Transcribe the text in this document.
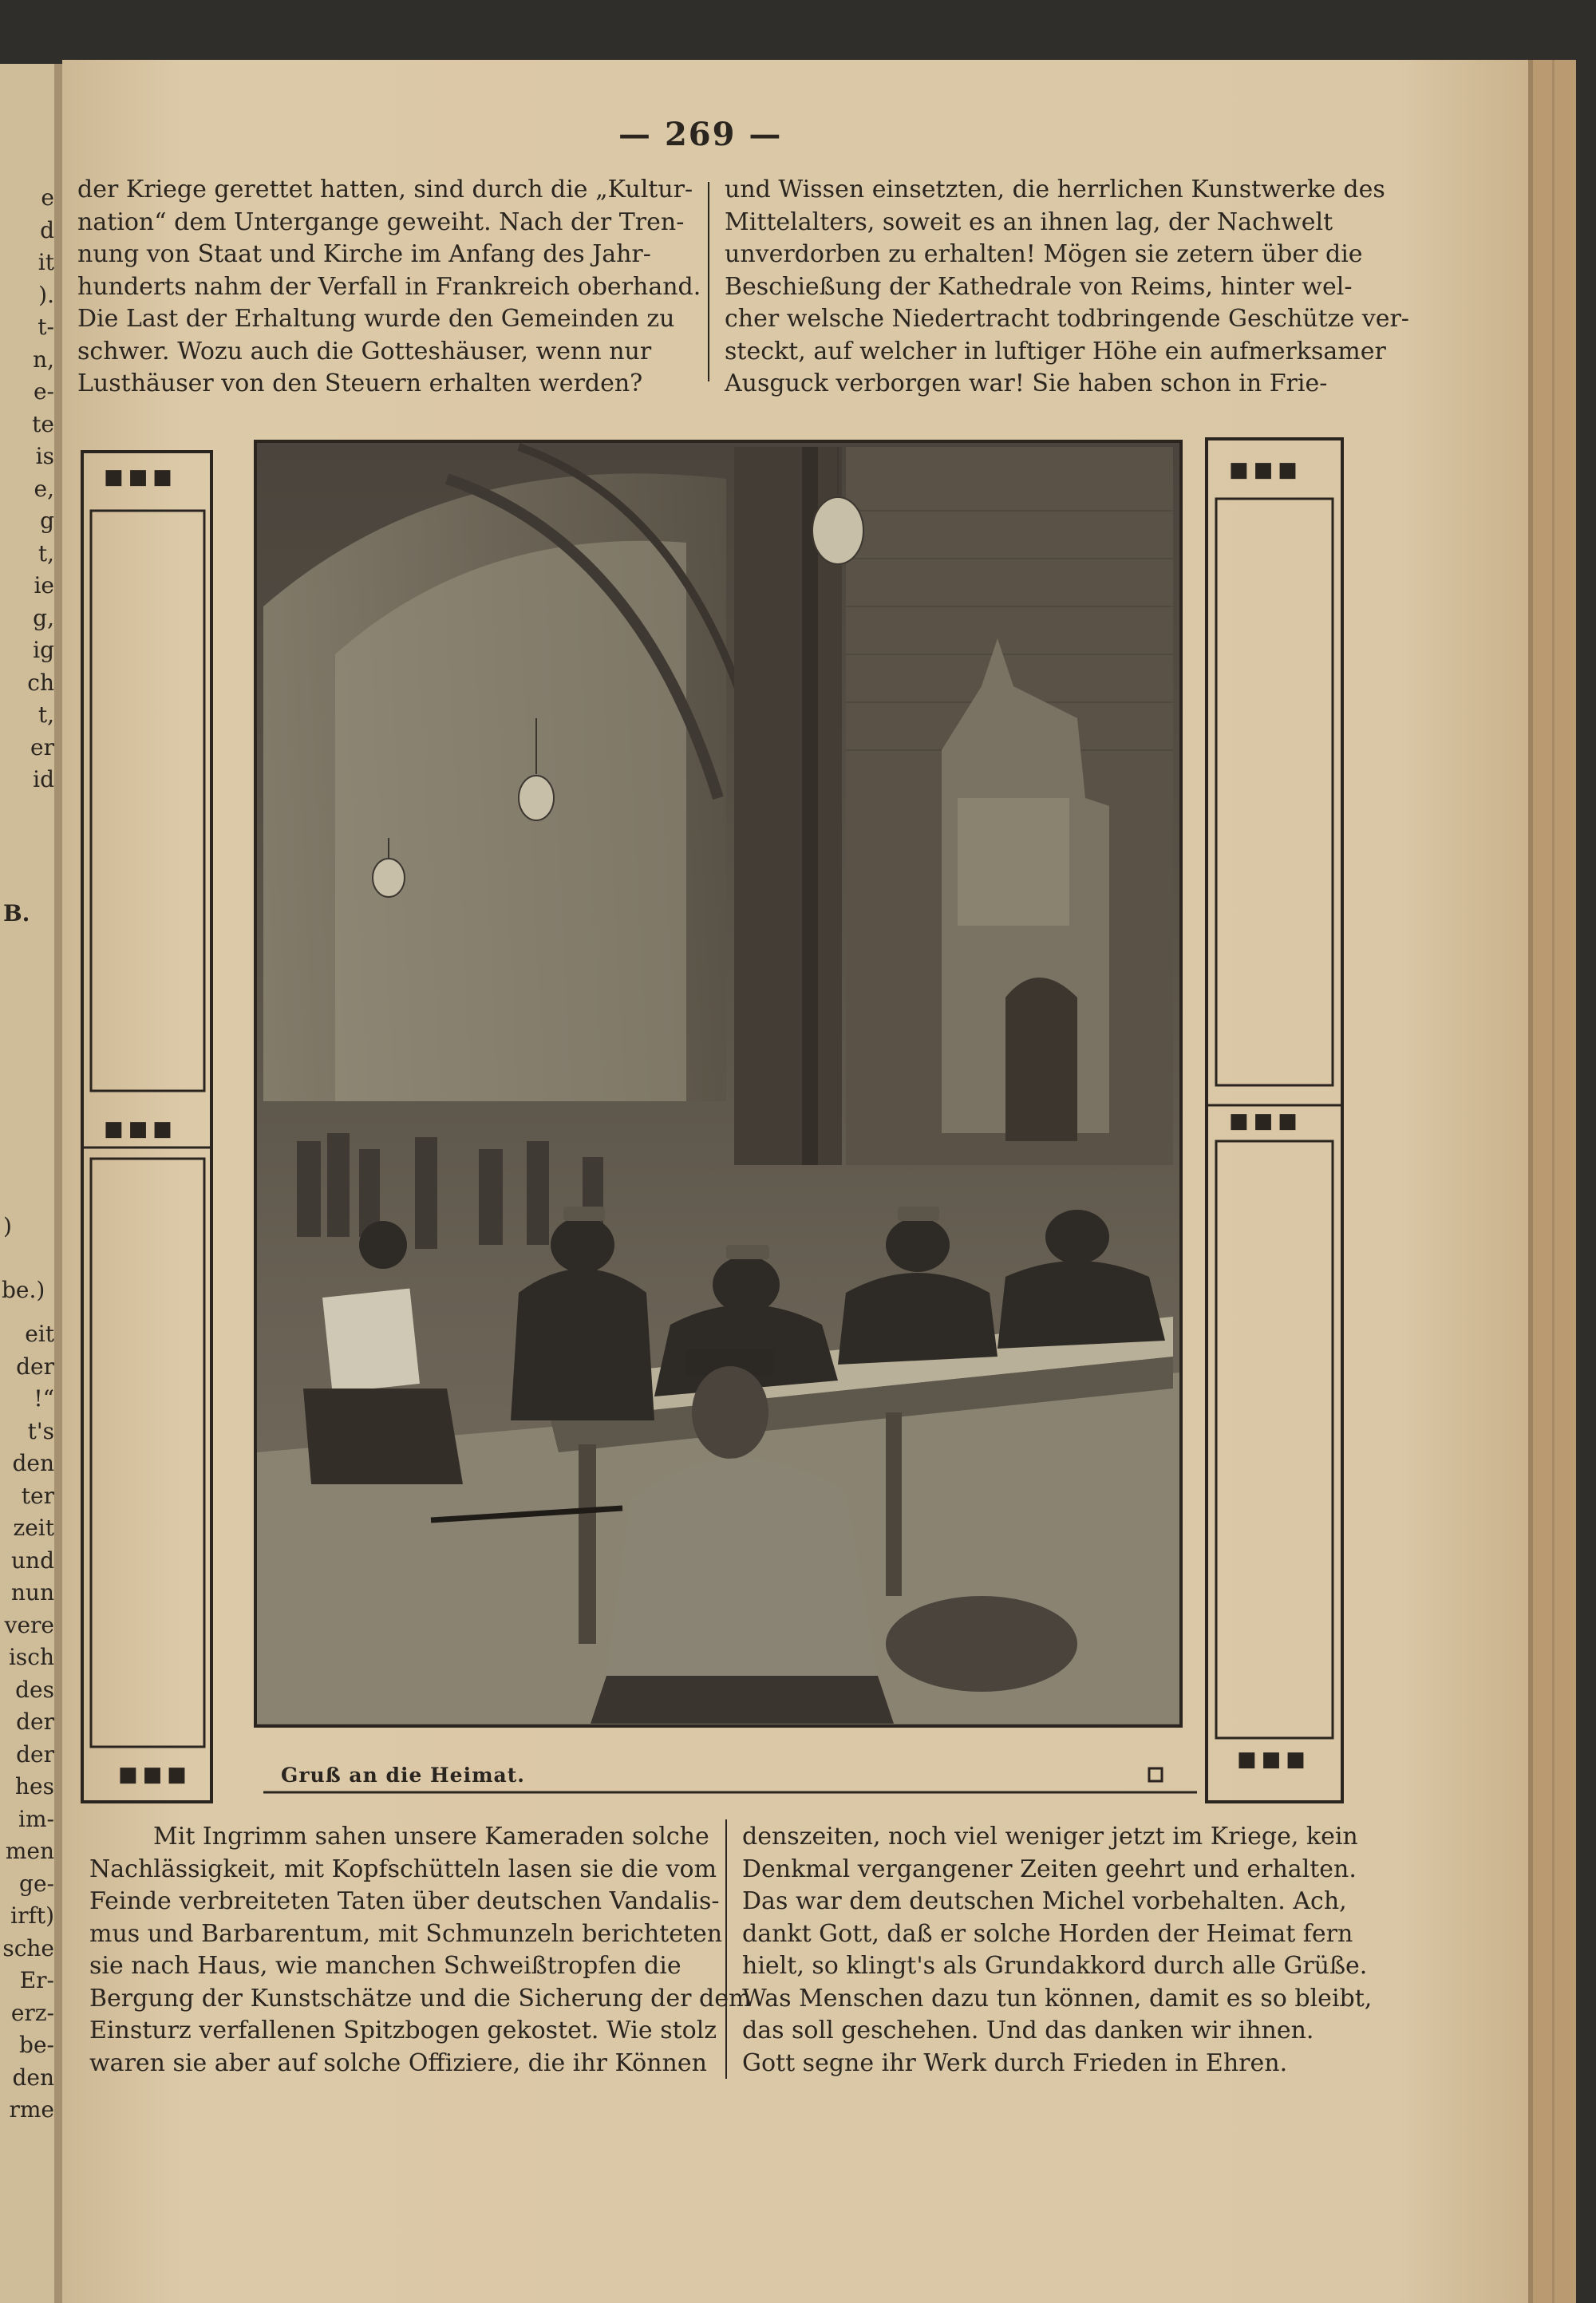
■■■
■■■
■■■
■■■
■■■
■■■
— 269 —
der Kriege gerettet hatten, sind durch die „Kultur-
nation“ dem Untergange geweiht. Nach der Tren-
nung von Staat und Kirche im Anfang des Jahr-
hunderts nahm der Verfall in Frankreich oberhand.
Die Last der Erhaltung wurde den Gemeinden zu
schwer. Wozu auch die Gotteshäuser, wenn nur
Lusthäuser von den Steuern erhalten werden?
und Wissen einsetzten, die herrlichen Kunstwerke des
Mittelalters, soweit es an ihnen lag, der Nachwelt
unverdorben zu erhalten! Mögen sie zetern über die
Beschießung der Kathedrale von Reims, hinter wel-
cher welsche Niedertracht todbringende Geschütze ver-
steckt, auf welcher in luftiger Höhe ein aufmerksamer
Ausguck verborgen war! Sie haben schon in Frie-
Gruß an die Heimat.
Mit Ingrimm sahen unsere Kameraden solche
Nachlässigkeit, mit Kopfschütteln lasen sie die vom
Feinde verbreiteten Taten über deutschen Vandalis-
mus und Barbarentum, mit Schmunzeln berichteten
sie nach Haus, wie manchen Schweißtropfen die
Bergung der Kunstschätze und die Sicherung der dem
Einsturz verfallenen Spitzbogen gekostet. Wie stolz
waren sie aber auf solche Offiziere, die ihr Können
denszeiten, noch viel weniger jetzt im Kriege, kein
Denkmal vergangener Zeiten geehrt und erhalten.
Das war dem deutschen Michel vorbehalten. Ach,
dankt Gott, daß er solche Horden der Heimat fern
hielt, so klingt's als Grundakkord durch alle Grüße.
Was Menschen dazu tun können, damit es so bleibt,
das soll geschehen. Und das danken wir ihnen.
Gott segne ihr Werk durch Frieden in Ehren.
e
d
it
).
t-
n,
e-
te
is
e,
g
t,
ie
g,
ig
ch
t,
er
id
B.
)
be.)
eit
der
!“
t's
den
ter
zeit
und
nun
vere
isch
des
der
der
hes
im-
men
ge-
irft)
sche
Er-
erz-
be-
den
rme
